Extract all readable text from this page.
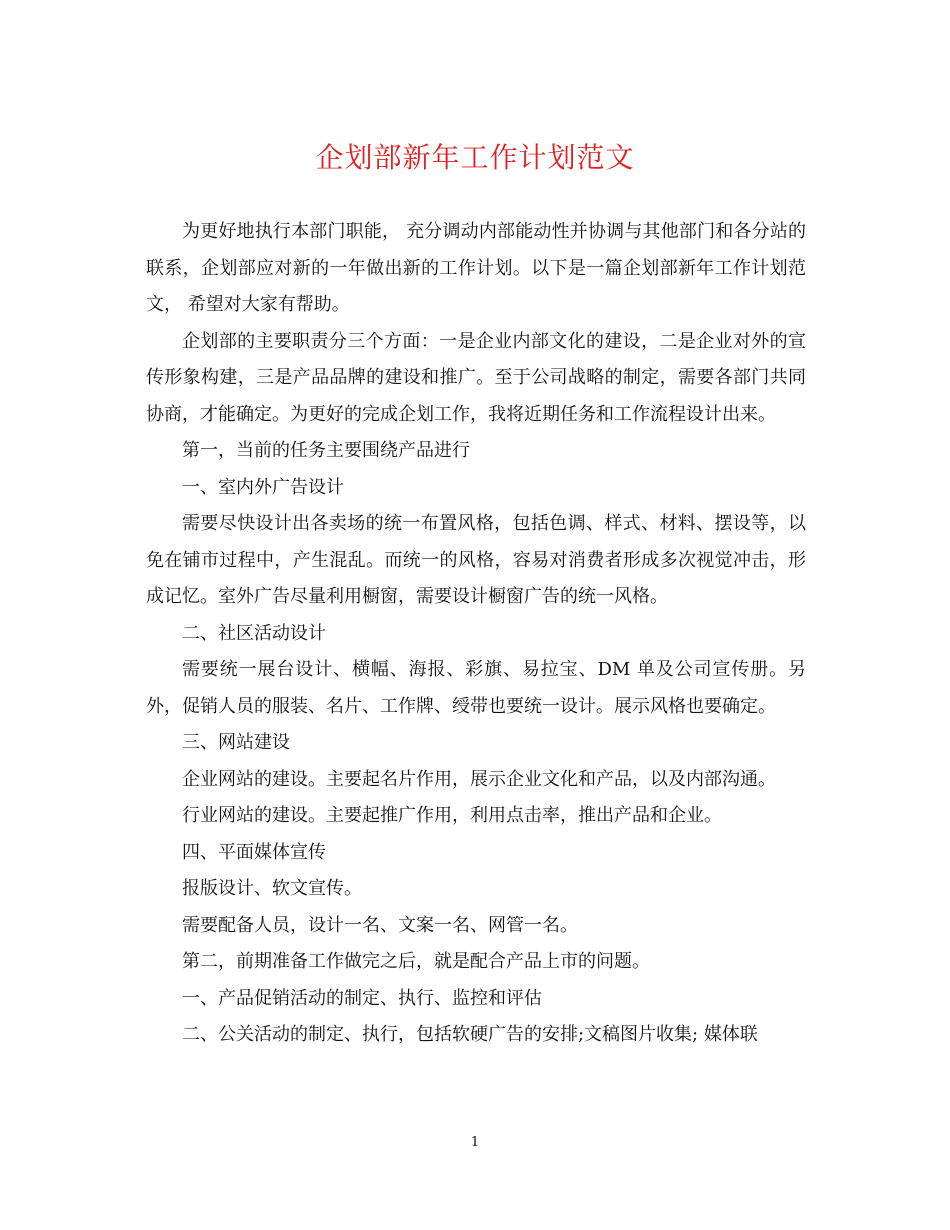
企划部新年工作计划范文

为更好地执行本部门职能， 充分调动内部能动性并协调与其他部门和各分站的联系，企划部应对新的一年做出新的工作计划。以下是一篇企划部新年工作计划范文， 希望对大家有帮助。

企划部的主要职责分三个方面：一是企业内部文化的建设，二是企业对外的宣传形象构建，三是产品品牌的建设和推广。至于公司战略的制定，需要各部门共同协商，才能确定。为更好的完成企划工作，我将近期任务和工作流程设计出来。

第一，当前的任务主要围绕产品进行

一、室内外广告设计

需要尽快设计出各卖场的统一布置风格，包括色调、样式、材料、摆设等，以免在铺市过程中，产生混乱。而统一的风格，容易对消费者形成多次视觉冲击，形成记忆。室外广告尽量利用橱窗，需要设计橱窗广告的统一风格。

二、社区活动设计

需要统一展台设计、横幅、海报、彩旗、易拉宝、DM 单及公司宣传册。另外，促销人员的服装、名片、工作牌、绶带也要统一设计。展示风格也要确定。

三、网站建设

企业网站的建设。主要起名片作用，展示企业文化和产品，以及内部沟通。

行业网站的建设。主要起推广作用，利用点击率，推出产品和企业。

四、平面媒体宣传

报版设计、软文宣传。

需要配备人员，设计一名、文案一名、网管一名。

第二，前期准备工作做完之后，就是配合产品上市的问题。

一、产品促销活动的制定、执行、监控和评估

二、公关活动的制定、执行，包括软硬广告的安排;文稿图片收集; 媒体联

1
